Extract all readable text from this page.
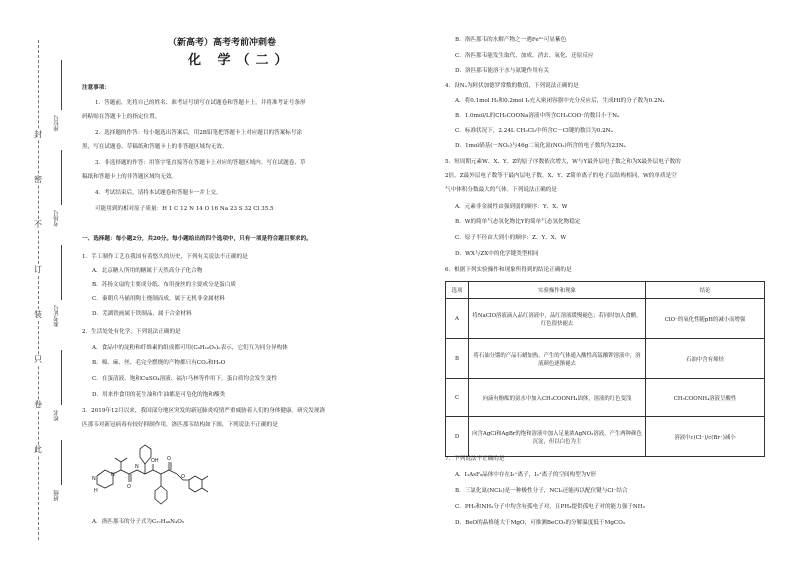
封
密
不
订
装
只
卷
此
座位号
考场号
准考证号
姓名
班级
（新高考）高考考前冲刺卷
化 学（二）
注意事项：
1．答题前，先将自己的姓名、准考证号填写在试题卷和答题卡上，并将准考证号条形
码粘贴在答题卡上的指定位置。
2．选择题的作答：每小题选出答案后，用2B铅笔把答题卡上对应题目的答案标号涂
黑，写在试题卷、草稿纸和答题卡上的非答题区域均无效。
3．非选择题的作答：用签字笔直接答在答题卡上对应的答题区域内。写在试题卷、草
稿纸和答题卡上的非答题区域均无效。
4．考试结束后，请将本试题卷和答题卡一并上交。
可能用到的相对原子质量：H 1 C 12 N 14 O 16 Na 23 S 32 Cl 35.5
一、选择题：每小题2分，共20分。每小题给出的四个选项中，只有一项是符合题目要求的。
1．手工制作工艺在我国有着悠久的历史，下列有关说法不正确的是
A．北京糖人所用的糖属于天然高分子化合物
B．苏扬文扇的主要成分纸、布用蚕丝的主要成分是蛋白质
C．秦朝兵马俑用陶土烧制而成，属于无机非金属材料
D．芜湖铁画属于铁制品，属于合金材料
2．生活处处有化学，下列说法正确的是
A．食品中的淀粉和纤维素的组成都可用(C₆H₁₀O₅)ₙ表示，它们互为同分异构体
B．棉、麻、丝、毛完全燃烧的产物都只有CO₂和H₂O
C．在蛋清液、饱和CuSO₄溶液、福尔马林等作用下，蛋白质均会发生变性
D．用来作食用的花生油和牛油都是可皂化的饱和酯类
3．2019年12月以来，我国部分地区突发的新冠肺炎疫情严重威胁着人们的身体健康。研究发现洛
匹那韦对新冠病毒有较好抑制作用，洛匹那韦结构如下图，下列说法不正确的是
N
H
O
O
OH
O
N
N
A．洛匹那韦的分子式为C₃₇H₄₈N₄O₅
B．洛匹那韦的水解产物之一遇Fe³⁺可显紫色
C．洛匹那韦能发生取代、加成、消去、氧化、还原反应
D．洛匹那韦能溶于水与氨键作用有关
4．设Nₐ为阿伏加德罗常数的数值，下列说法正确的是
A．将0.1mol H₂和0.2mol I₂充入密闭容器中充分反应后，生成HI的分子数为0.2Nₐ
B．1.0mol/L的CH₃COONa溶液中所含CH₃COO⁻的数目小于Nₐ
C．标准状况下，2.24L CH₂Cl₂中所含C－Cl键的数目为0.2Nₐ
D．1mol硝基(－NO₂)与46g二氧化氮(NO₂)所含的电子数均为23Nₐ
5．短周期元素W、X、Y、Z的原子序数依次增大，W与Y最外层电子数之和为X最外层电子数的
2倍，Z最外层电子数等于最内层电子数，X、Y、Z简单离子的电子层结构相同，W的单质是空
气中体积分数最大的气体。下列说法正确的是
A．元素非金属性由强到弱的顺序：Y、X、W
B．W的简单气态氢化物比Y的简单气态氢化物稳定
C．原子半径由大到小的顺序：Z、Y、X、W
D．WX与ZX中的化学键类型相同
6．根据下列实验操作和现象所得到的结论正确的是
选项	实验操作和现象	结论
A	将NaClO溶液滴入品红溶液中，品红溶液缓慢褪色；若同时加入食醋，红色很快褪去	ClO⁻的氧化性随pH的减小而增强
B	将石油分馏的产品石蜡加热，产生的气体通入酸性高锰酸钾溶液中，溶液颜色逐渐褪去	石油中含有烯烃
C	向滴有酚酞的氨水中加入CH₃COONH₄固体，溶液的红色变浅	CH₃COONH₄溶液呈酸性
D	向含AgCl和AgBr的饱和溶液中加入足量浓AgNO₃溶液，产生两种颜色沉淀，但以白色为主	溶液中c(Cl⁻)/c(Br⁻)减小
7．下列说法不正确的是
A．I₃AsF₆晶体中存在I₃⁺离子，I₃⁺离子的空间构型为V形
B．三氯化氮(NCl₃)是一种极性分子，NCl₃还能再以配位键与Cl⁻结合
C．PH₃和NH₃分子中均含有孤电子对，且PH₃提供孤电子对的能力强于NH₃
D．BeO的晶格能大于MgO，可推测BeCO₃的分解温度低于MgCO₃
